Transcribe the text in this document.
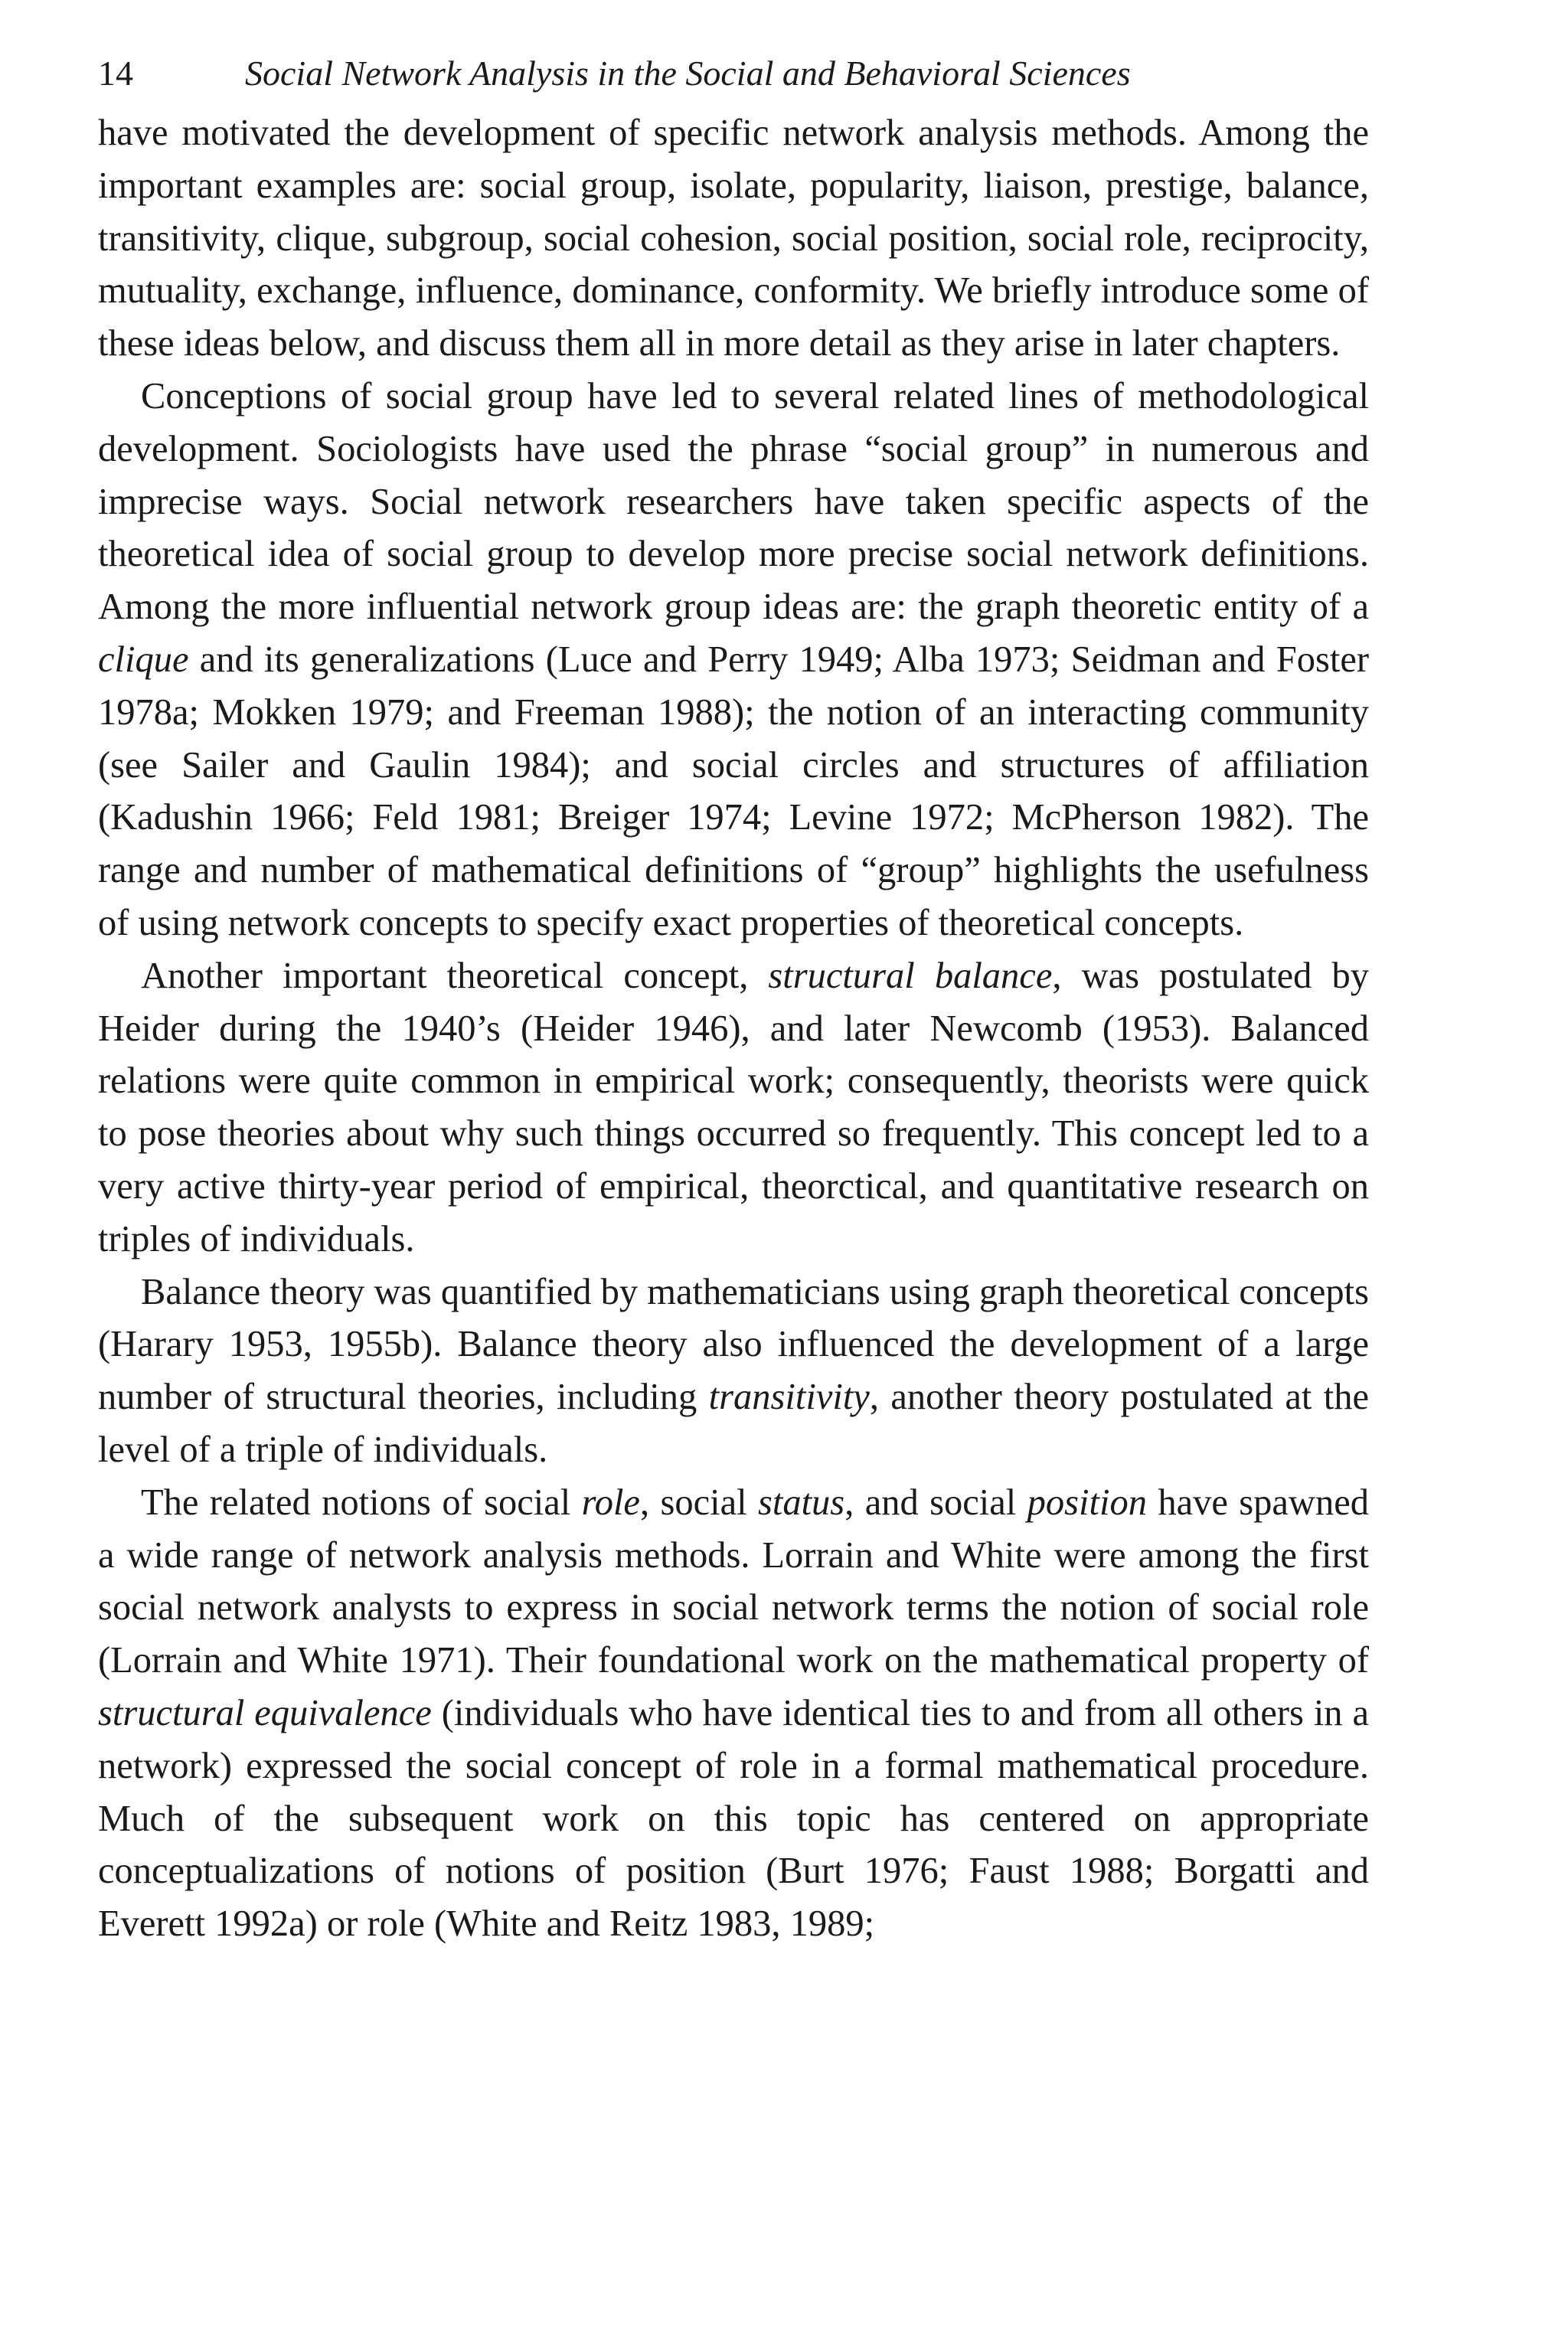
14	Social Network Analysis in the Social and Behavioral Sciences

have motivated the development of specific network analysis methods. Among the important examples are: social group, isolate, popularity, liaison, prestige, balance, transitivity, clique, subgroup, social cohesion, social position, social role, reciprocity, mutuality, exchange, influence, dominance, conformity. We briefly introduce some of these ideas below, and discuss them all in more detail as they arise in later chapters.

Conceptions of social group have led to several related lines of methodological development. Sociologists have used the phrase “social group” in numerous and imprecise ways. Social network researchers have taken specific aspects of the theoretical idea of social group to develop more precise social network definitions. Among the more influential network group ideas are: the graph theoretic entity of a clique and its generalizations (Luce and Perry 1949; Alba 1973; Seidman and Foster 1978a; Mokken 1979; and Freeman 1988); the notion of an interacting community (see Sailer and Gaulin 1984); and social circles and structures of affiliation (Kadushin 1966; Feld 1981; Breiger 1974; Levine 1972; McPherson 1982). The range and number of mathematical definitions of “group” highlights the usefulness of using network concepts to specify exact properties of theoretical concepts.

Another important theoretical concept, structural balance, was postulated by Heider during the 1940’s (Heider 1946), and later Newcomb (1953). Balanced relations were quite common in empirical work; consequently, theorists were quick to pose theories about why such things occurred so frequently. This concept led to a very active thirty-year period of empirical, theorctical, and quantitative research on triples of individuals.

Balance theory was quantified by mathematicians using graph theoretical concepts (Harary 1953, 1955b). Balance theory also influenced the development of a large number of structural theories, including transitivity, another theory postulated at the level of a triple of individuals.

The related notions of social role, social status, and social position have spawned a wide range of network analysis methods. Lorrain and White were among the first social network analysts to express in social network terms the notion of social role (Lorrain and White 1971). Their foundational work on the mathematical property of structural equivalence (individuals who have identical ties to and from all others in a network) expressed the social concept of role in a formal mathematical procedure. Much of the subsequent work on this topic has centered on appropriate conceptualizations of notions of position (Burt 1976; Faust 1988; Borgatti and Everett 1992a) or role (White and Reitz 1983, 1989;
